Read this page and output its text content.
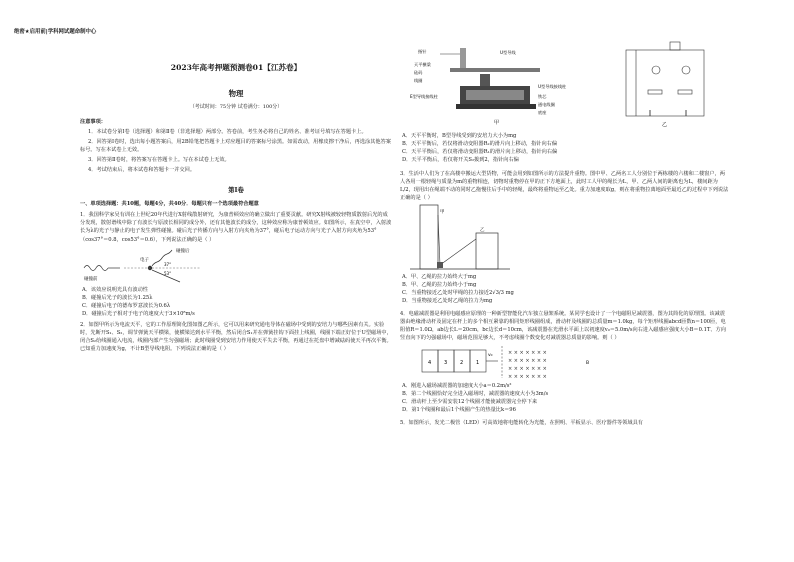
绝密★启用前|学科网试题命制中心
2023年高考押题预测卷01【江苏卷】
物理
（考试时间：75分钟 试卷满分：100分）
注意事项：
1．本试卷分第Ⅰ卷（选择题）和第Ⅱ卷（非选择题）两部分。答卷前，考生务必将自己的姓名、准考证号填写在答题卡上。
2．回答第Ⅰ卷时，选出每小题答案后，用2B铅笔把答题卡上对应题目的答案标号涂黑。如需改动，用橡皮擦干净后，再选涂其他答案标号。写在本试卷上无效。
3．回答第Ⅱ卷时，将答案写在答题卡上。写在本试卷上无效。
4．考试结束后，将本试卷和答题卡一并交回。
第Ⅰ卷
一、单项选择题：共10题，每题4分，共40分．每题只有一个选项最符合题意
1．我国科学家吴有训在上世纪20年代进行X射线散射研究，为康普顿效应的确立做出了重要贡献。研究X射线被较轻物质散射后光的成分发现，散射谱线中除了有波长与原波长相同的成分外，还有其他波长的成分，这种效应称为康普顿效应。如图所示，在真空中，入射波长为λ的光子与静止的电子发生弹性碰撞。碰后光子传播方向与入射方向夹角为37°，碰后电子运动方向与光子入射方向夹角为53°（cos37°＝0.8，cos53°＝0.6），下列说法正确的是（ ）
碰撞前
电子
碰撞后
37°
53°
A．该效应说明光具有波动性
B．碰撞后光子的波长为1.25λ
C．碰撞后电子的德布罗意波长为0.6λ
D．碰撞后光子相对于电子的速度大于3×10⁸m/s
2．如图甲所示为电流天平，它的工作原理简化图如图乙所示，它可以用来研究通电导体在磁场中受到的安培力与哪些因素有关。实验时，先断开S₁、S₂，调节弹簧天平横梁，使横梁达到水平平衡，然后闭合S₁并在弹簧挂钩下面挂上线圈，线圈下端正好位于U型磁场中，闭合S₂给线圈通入电流，线圈内部产生匀强磁场；此时线圈受到安培力作用使天平失去平衡，再通过在托盘中增减砝码使天平再次平衡。已知重力加速度为g，不计B型导线电阻。下列说法正确的是（ ）
指针
天平横梁
砝码
线圈
E型导线接线柱
U型导线
U型导线接线柱
铁芯
通电线圈
底座
甲	乙
A．天平平衡时，B型导线受到的安培力大小为mg
B．天平平衡后，若仅将滑动变阻器R₂的滑片向上移动，指针向右偏
C．天平平衡后，若仅将滑动变阻器R₁的滑片向上移动，指针向右偏
D．天平平衡后，若仅将开关S₂拨到2，指针向右偏
3．生活中人们为了在高楼中搬运大型货物，可能会用到如图所示的方法提升重物。图中甲、乙两名工人分别位于两栋楼的六楼和二楼窗户，两人各用一根轻绳与质量为m的重物相连，切物时重物停在甲的正下方地面上，此时工人甲的绳长为L，甲、乙两人间的距离也为L，楼间距为L/2，现用出在绳端不动的同时乙拖慢往后手中的轻绳，最终将重物运至乙处。重力加速度取g，则在将重物拉离地面至最近乙的过程中下列说法正确的是（ ）
甲
乙
A．甲、乙绳的拉力始终大于mg
B．甲、乙绳的拉力始终小于mg
C．当重物接近乙处时甲绳的拉力接近2√3/3 mg
D．当重物接近乙处时乙绳的拉力为mg
4．电磁减震器是利用电磁感应原理的一种新型智能化汽车独立悬架系统。某同学也设计了一个电磁阻尼减震器，图为其简化的原理图。该减震器由绝缘滑动杆及固定在杆上的多个相互紧靠的相同矩形线圈组成，滑动杆及线圈的总质量m＝1.0kg，每个矩形线圈abcd匝数n＝100匝，电阻值R＝1.0Ω，ab边长L＝20cm，bc边长d＝10cm，该减震器在光滑水平面上以初速度v₀＝5.0m/s向右进入磁感应强度大小B＝0.1T、方向竖直向下的匀强磁场中，磁场范围足够大，不考虑线圈个数变化对减震器总质量的影响。则（ ）
4	3	2	1
v₀	× × × × × × ×
× × × × × × ×
× × × × × × ×
× × × × × × ×
B
A．刚进入磁场减震器的加速度大小a＝0.2m/s²
B．第二个线圈恰好完全进入磁场时，减震器的速度大小为3m/s
C．滑动杆上至少需安装12个线圈才能使减震器完全停下来
D．第1个线圈和最后1个线圈产生的热量比k＝96
5．如图所示，发光二极管（LED）可高效地将电能转化为光能，在照明、平板显示、医疗器件等领域具有
